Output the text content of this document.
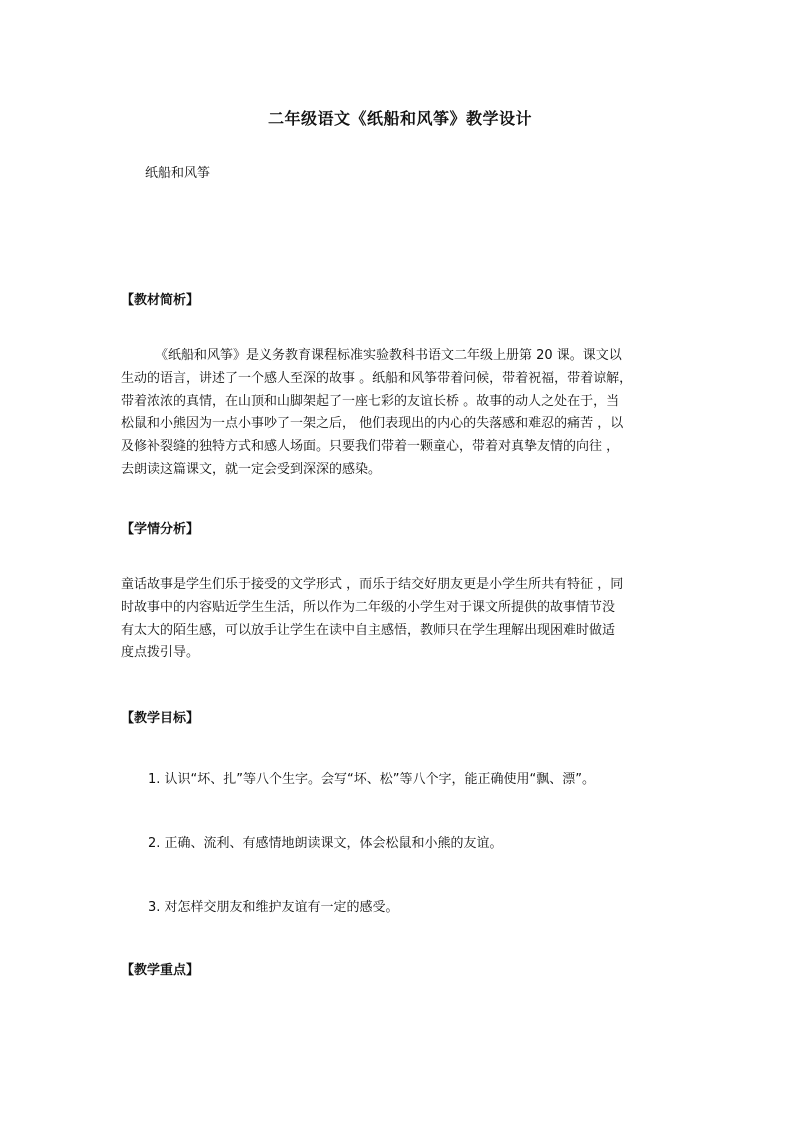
二年级语文《纸船和风筝》教学设计
纸船和风筝
【教材简析】
《纸船和风筝》是义务教育课程标准实验教科书语文二年级上册第 20 课。课文以
生动的语言，讲述了一个感人至深的故事 。纸船和风筝带着问候，带着祝福，带着谅解，
带着浓浓的真情，在山顶和山脚架起了一座七彩的友谊长桥 。故事的动人之处在于，当
松鼠和小熊因为一点小事吵了一架之后， 他们表现出的内心的失落感和难忍的痛苦 ，以
及修补裂缝的独特方式和感人场面。只要我们带着一颗童心，带着对真挚友情的向往 ，
去朗读这篇课文，就一定会受到深深的感染。
【学情分析】
童话故事是学生们乐于接受的文学形式 ，而乐于结交好朋友更是小学生所共有特征 ，同
时故事中的内容贴近学生生活，所以作为二年级的小学生对于课文所提供的故事情节没
有太大的陌生感，可以放手让学生在读中自主感悟，教师只在学生理解出现困难时做适
度点拨引导。
【教学目标】
1. 认识“坏、扎”等八个生字。会写“坏、松”等八个字，能正确使用“飘、漂”。
2. 正确、流利、有感情地朗读课文，体会松鼠和小熊的友谊。
3. 对怎样交朋友和维护友谊有一定的感受。
【教学重点】
